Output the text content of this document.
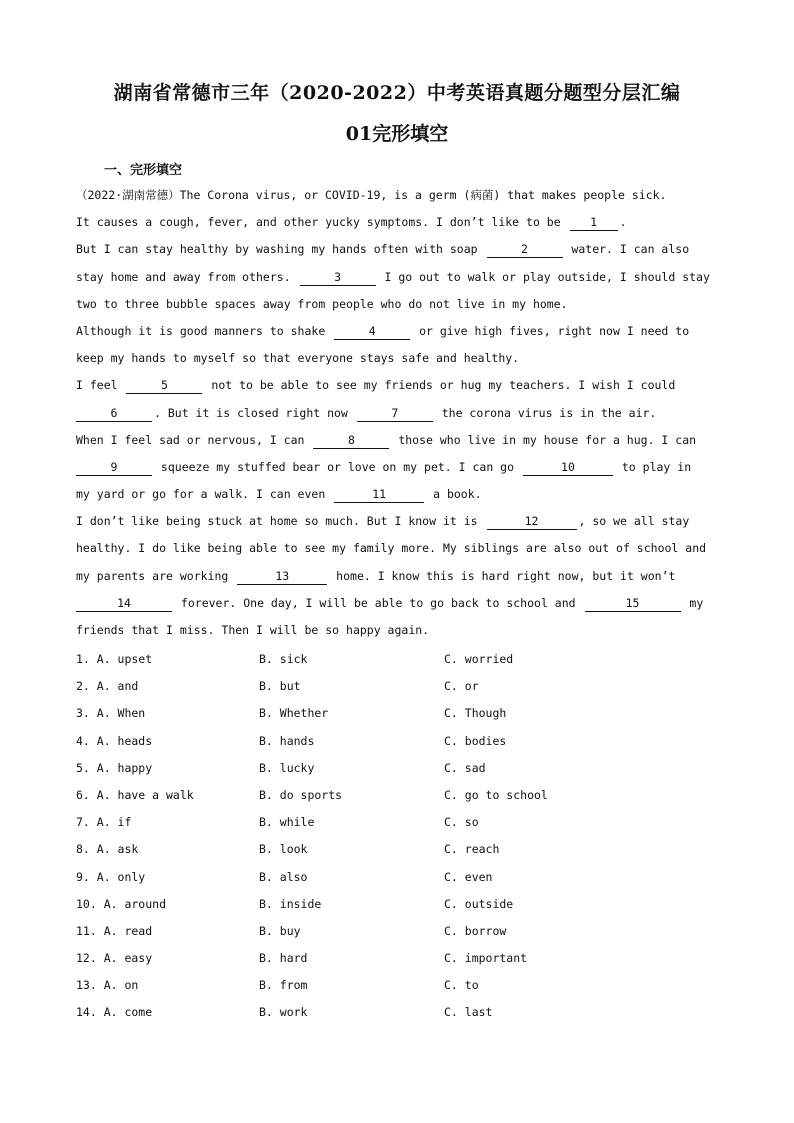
湖南省常德市三年（2020-2022）中考英语真题分题型分层汇编
01完形填空
一、完形填空
（2022·湖南常德）The Corona virus, or COVID-19, is a germ (病菌) that makes people sick.
It causes a cough, fever, and other yucky symptoms. I don’t like to be 1 .
But I can stay healthy by washing my hands often with soap	2	water. I can also
stay home and away from others.	3	I go out to walk or play outside, I should stay
two to three bubble spaces away from people who do not live in my home.
Although it is good manners to shake	4	or give high fives, right now I need to
keep my hands to myself so that everyone stays safe and healthy.
I feel	5	not to be able to see my friends or hug my teachers. I wish I could
6	. But it is closed right now	7	the corona virus is in the air.
When I feel sad or nervous, I can	8	those who live in my house for a hug. I can
9	squeeze my stuffed bear or love on my pet. I can go	10	to play in
my yard or go for a walk. I can even	11	a book.
I don’t like being stuck at home so much. But I know it is	12	, so we all stay
healthy. I do like being able to see my family more. My siblings are also out of school and
my parents are working	13	home. I know this is hard right now, but it won’t
14	forever. One day, I will be able to go back to school and	15	my
friends that I miss. Then I will be so happy again.
1. A. upset	B. sick	C. worried
2. A. and	B. but	C. or
3. A. When	B. Whether	C. Though
4. A. heads	B. hands	C. bodies
5. A. happy	B. lucky	C. sad
6. A. have a walk	B. do sports	C. go to school
7. A. if	B. while	C. so
8. A. ask	B. look	C. reach
9. A. only	B. also	C. even
10. A. around	B. inside	C. outside
11. A. read	B. buy	C. borrow
12. A. easy	B. hard	C. important
13. A. on	B. from	C. to
14. A. come	B. work	C. last
